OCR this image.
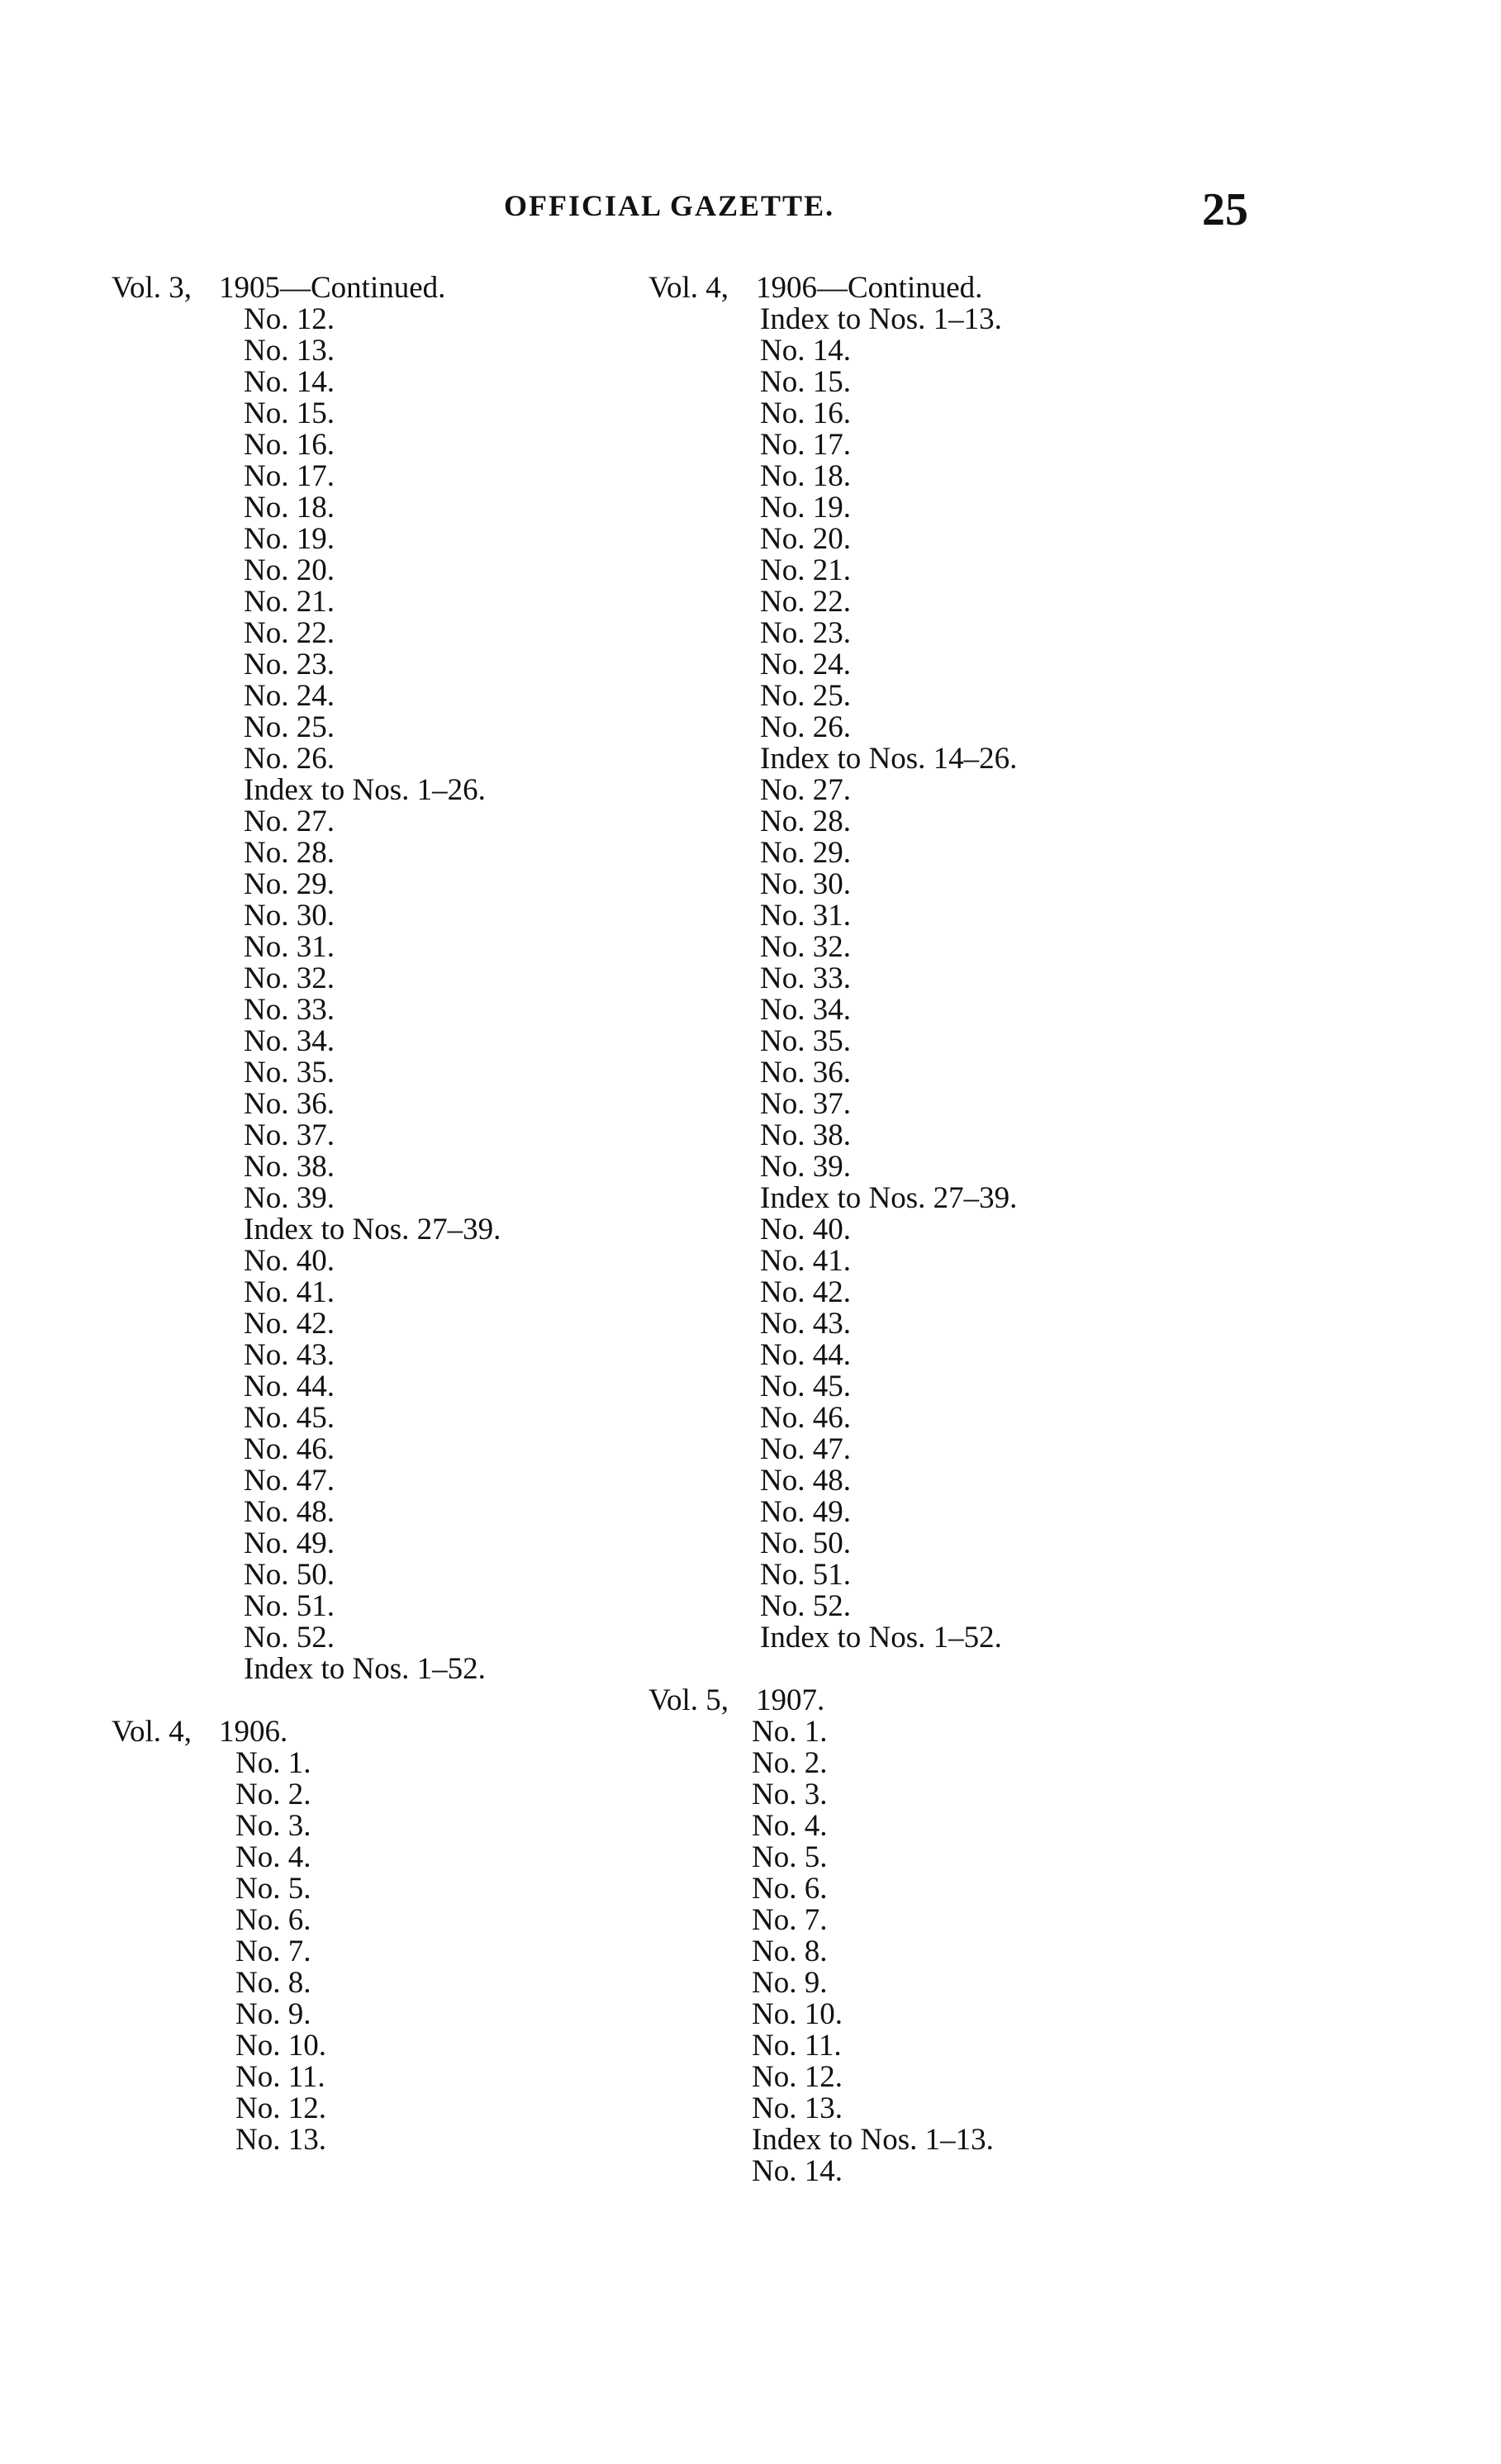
OFFICIAL GAZETTE.	25
Vol. 3, 1905—Continued.
No. 12.
No. 13.
No. 14.
No. 15.
No. 16.
No. 17.
No. 18.
No. 19.
No. 20.
No. 21.
No. 22.
No. 23.
No. 24.
No. 25.
No. 26.
Index to Nos. 1–26.
No. 27.
No. 28.
No. 29.
No. 30.
No. 31.
No. 32.
No. 33.
No. 34.
No. 35.
No. 36.
No. 37.
No. 38.
No. 39.
Index to Nos. 27–39.
No. 40.
No. 41.
No. 42.
No. 43.
No. 44.
No. 45.
No. 46.
No. 47.
No. 48.
No. 49.
No. 50.
No. 51.
No. 52.
Index to Nos. 1–52.
Vol. 4, 1906.
No. 1.
No. 2.
No. 3.
No. 4.
No. 5.
No. 6.
No. 7.
No. 8.
No. 9.
No. 10.
No. 11.
No. 12.
No. 13.
Vol. 4, 1906—Continued.
Index to Nos. 1–13.
No. 14.
No. 15.
No. 16.
No. 17.
No. 18.
No. 19.
No. 20.
No. 21.
No. 22.
No. 23.
No. 24.
No. 25.
No. 26.
Index to Nos. 14–26.
No. 27.
No. 28.
No. 29.
No. 30.
No. 31.
No. 32.
No. 33.
No. 34.
No. 35.
No. 36.
No. 37.
No. 38.
No. 39.
Index to Nos. 27–39.
No. 40.
No. 41.
No. 42.
No. 43.
No. 44.
No. 45.
No. 46.
No. 47.
No. 48.
No. 49.
No. 50.
No. 51.
No. 52.
Index to Nos. 1–52.
Vol. 5, 1907.
No. 1.
No. 2.
No. 3.
No. 4.
No. 5.
No. 6.
No. 7.
No. 8.
No. 9.
No. 10.
No. 11.
No. 12.
No. 13.
Index to Nos. 1–13.
No. 14.
